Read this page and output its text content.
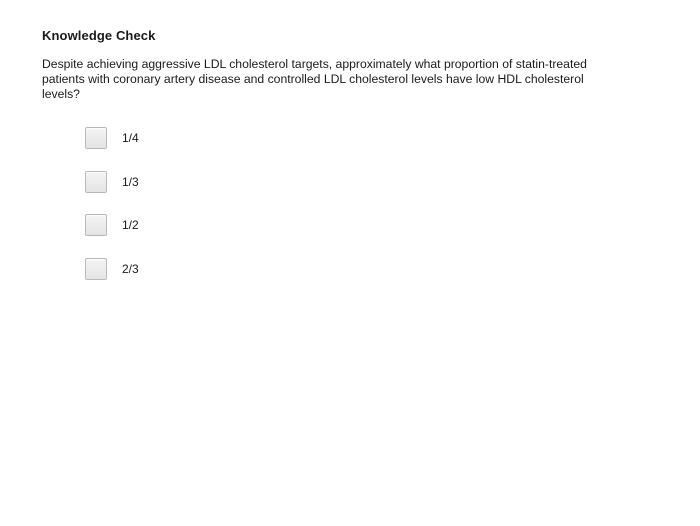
Knowledge Check
Despite achieving aggressive LDL cholesterol targets, approximately what proportion of statin-treated patients with coronary artery disease and controlled LDL cholesterol levels have low HDL cholesterol levels?
1/4
1/3
1/2
2/3
